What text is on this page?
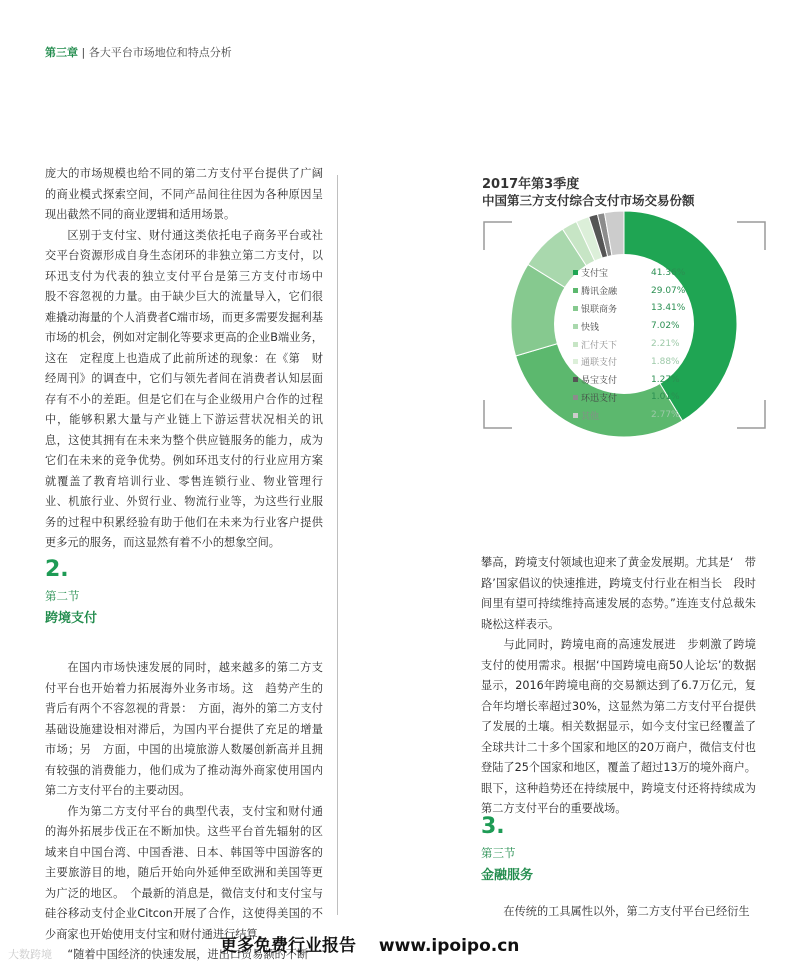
第三章 | 各大平台市场地位和特点分析

庞大的市场规模也给不同的第二方支付平台提供了广阔的商业模式探索空间，不同产品间往往因为各种原因呈现出截然不同的商业逻辑和适用场景。

区别于支付宝、财付通这类依托电子商务平台或社交平台资源形成自身生态闭环的非独立第二方支付，以环迅支付为代表的独立支付平台是第三方支付市场中　股不容忽视的力量。由于缺少巨大的流量导入，它们很难撬动海量的个人消费者C端市场，而更多需要发掘利基市场的机会，例如对定制化等要求更高的企业B端业务，这在　定程度上也造成了此前所述的现象：在《第　财经周刊》的调查中，它们与领先者间在消费者认知层面存有不小的差距。但是它们在与企业级用户合作的过程中，能够积累大量与产业链上下游运营状况相关的讯息，这使其拥有在未来为整个供应链服务的能力，成为它们在未来的竞争优势。例如环迅支付的行业应用方案就覆盖了教育培训行业、零售连锁行业、物业管理行业、机旅行业、外贸行业、物流行业等，为这些行业服务的过程中积累经验有助于他们在未来为行业客户提供更多元的服务，而这显然有着不小的想象空间。

2.
第二节
跨境支付

在国内市场快速发展的同时，越来越多的第二方支付平台也开始着力拓展海外业务市场。这　趋势产生的背后有两个不容忽视的背景：　方面，海外的第二方支付基础设施建设相对滞后，为国内平台提供了充足的增量市场；另　方面，中国的出境旅游人数屡创新高并且拥有较强的消费能力，他们成为了推动海外商家使用国内第二方支付平台的主要动因。

作为第二方支付平台的典型代表，支付宝和财付通的海外拓展步伐正在不断加快。这些平台首先辐射的区域来自中国台湾、中国香港、日本、韩国等中国游客的主要旅游目的地，随后开始向外延伸至欧洲和美国等更为广泛的地区。　个最新的消息是，微信支付和支付宝与硅谷移动支付企业Citcon开展了合作，这使得美国的不少商家也开始使用支付宝和财付通进行结算。

“随着中国经济的快速发展，进出口贸易额的不断

2017年第3季度
中国第三方支付综合支付市场交易份额
支付宝	41.36%
腾讯金融	29.07%
银联商务	13.41%
快钱	7.02%
汇付天下	2.21%
通联支付	1.88%
易宝支付	1.27%
环迅支付	1.01%
其他	2.77%

攀高，跨境支付领域也迎来了黄金发展期。尤其是‘　带　路’国家倡议的快速推进，跨境支付行业在相当长　段时间里有望可持续维持高速发展的态势。”连连支付总裁朱晓松这样表示。

与此同时，跨境电商的高速发展进　步刺激了跨境支付的使用需求。根据‘中国跨境电商50人论坛’的数据显示，2016年跨境电商的交易额达到了6.7万亿元，复合年均增长率超过30%，这显然为第二方支付平台提供了发展的土壤。相关数据显示，如今支付宝已经覆盖了全球共计二十多个国家和地区的20万商户，微信支付也登陆了25个国家和地区，覆盖了超过13万的境外商户。眼下，这种趋势还在持续展中，跨境支付还将持续成为第二方支付平台的重要战场。

3.
第三节
金融服务

在传统的工具属性以外，第二方支付平台已经衍生

更多免费行业报告　 www.ipoipo.cn
大数跨境
